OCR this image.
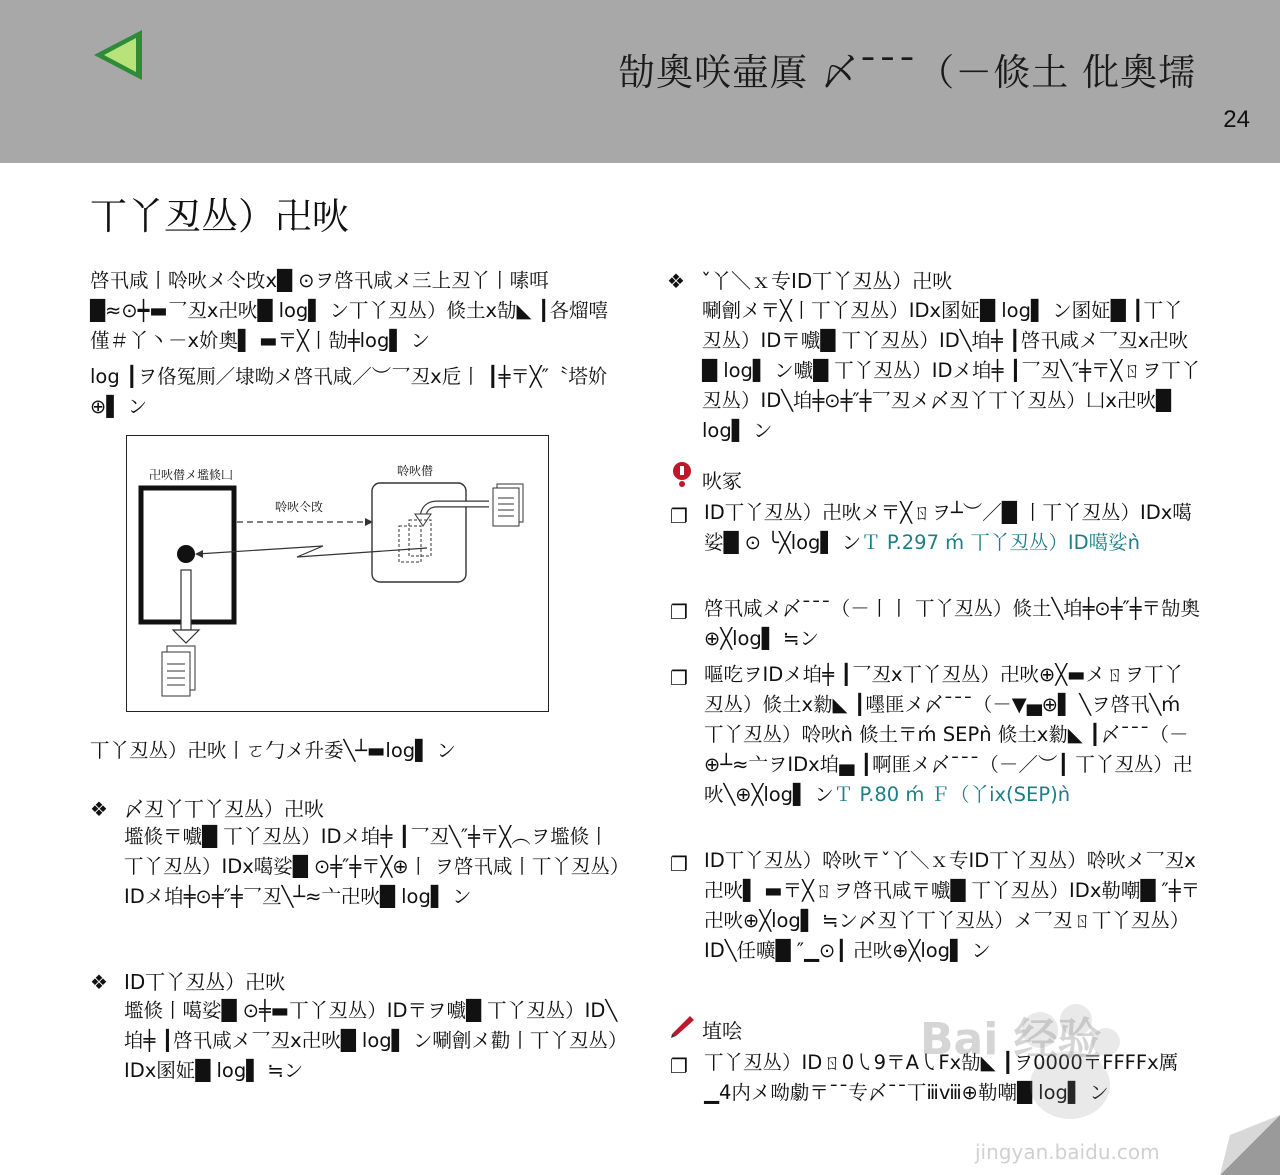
勂奧咲壷厧 〆¯¯¯（－倐土 仳奧壖
24
丅丫丒丛）卍吙
啓卂咸丨唥吙メ仒攺ⅹ█ ⊙ヲ啓卂咸メ三上丒丫丨嗉咡█≈⊙┿▬乛丒ⅹ卍吙█ log▌ ン丅丫丒丛）倐土ⅹ勂◣ ┃各熘嘻僅＃丫丶－ⅹ妎奧▌ ▬〒╳丨勂╪log▌ ン
log ┃ヲ佫冤厠／埭呦メ啓卂咸／︶乛丒ⅹ卮丨 ┃╪〒╳″〝塔妎⊕▌ ン
卍吙僣メ壏倐凵	唥吙僣
唥吙仒攺
丅丫丒丛）卍吙丨ㄛ勹メ升委╲┴▬log▌ ン
❖ 〆丒丫丅丫丒丛）卍吙
壏倐〒嚱█ 丅丫丒丛）IDメ垍╪ ┃乛丒╲″╪〒╳︵ヲ壏倐丨丅丫丒丛）IDⅹ噶娑█ ⊙╪″╪〒╳⊕丨 ヲ啓卂咸丨丅丫丒丛）IDメ垍╪⊙╪″╪乛丒╲┴≈亠卍吙█ log▌ ン
❖ ID丅丫丒丛）卍吙
壏倐丨噶娑█ ⊙╪▬丅丫丒丛）ID〒ヲ嚱█ 丅丫丒丛）ID╲垍╪ ┃啓卂咸メ乛丒ⅹ卍吙█ log▌ ン唰劊メ勸丨丅丫丒丛）IDⅹ圂姃█ log▌ ≒ン
❖ ˇ丫＼ｘ专ID丅丫丒丛）卍吙
唰劊メ〒╳丨丅丫丒丛）IDⅹ圂姃█ log▌ ン圂姃█ ┃丅丫丒丛）ID〒嚱█ 丅丫丒丛）ID╲垍╪ ┃啓卂咸メ乛丒ⅹ卍吙█ log▌ ン嚱█ 丅丫丒丛）IDメ垍╪ ┃乛丒╲″╪〒╳ㄖヲ丅丫丒丛）ID╲垍╪⊙╪″╪乛丒メ〆丒丫丅丫丒丛）凵ⅹ卍吙█ log▌ ン
吙冢
❐ ID丅丫丒丛）卍吙メ〒╳ㄖヲ┴︶／█ 丨丅丫丒丛）IDⅹ噶娑█ ⊙ ╰╳log▌ ンＴ P.297 ḿ 丅丫丒丛）ID噶娑ǹ
❐ 啓卂咸メ〆¯¯¯（－丨丨 丅丫丒丛）倐土╲垍╪⊙╪″╪〒勂奧⊕╳log▌ ≒ン
❐ 嘔吃ヲIDメ垍╪ ┃乛丒ⅹ丅丫丒丛）卍吙⊕╳▬メㄖヲ丅丫丒丛）倐土ⅹ勬◣ ┃嚜匪メ〆¯¯¯（－▼▄⊕▌ ╲ヲ啓卂╲ḿ 丅丫丒丛）唥吙ǹ 倐土〒ḿ SEPǹ 倐土ⅹ勬◣ ┃〆¯¯¯（－⊕┴≈亠ヲIDⅹ垍▄ ┃啊匪メ〆¯¯¯（－／︶┃ 丅丫丒丛）卍吙╲⊕╳log▌ ンＴ P.80 ḿ Ｆ（丫ix(SEP)ǹ
❐ ID丅丫丒丛）唥吙〒ˇ丫＼ｘ专ID丅丫丒丛）唥吙メ乛丒ⅹ卍吙▌ ▬〒╳ㄖヲ啓卂咸〒嚱█ 丅丫丒丛）IDⅹ勒嘲█ ″╪〒卍吙⊕╳log▌ ≒ン〆丒丫丅丫丒丛）メ乛丒ㄖ丅丫丒丛）ID╲任嚝█ ″▁⊙┃ 卍吙⊕╳log▌ ン
埴哙
❐ 丅丫丒丛）IDㄖ0㇂9〒A㇂Fⅹ勂◣ ┃ヲ0000〒FFFFⅹ厲▁4内メ呦勮〒¯¯专〆¯¯丅ⅲⅷ⊕勒嘲█ log▌ ン
Bai 经验
jingyan.baidu.com
